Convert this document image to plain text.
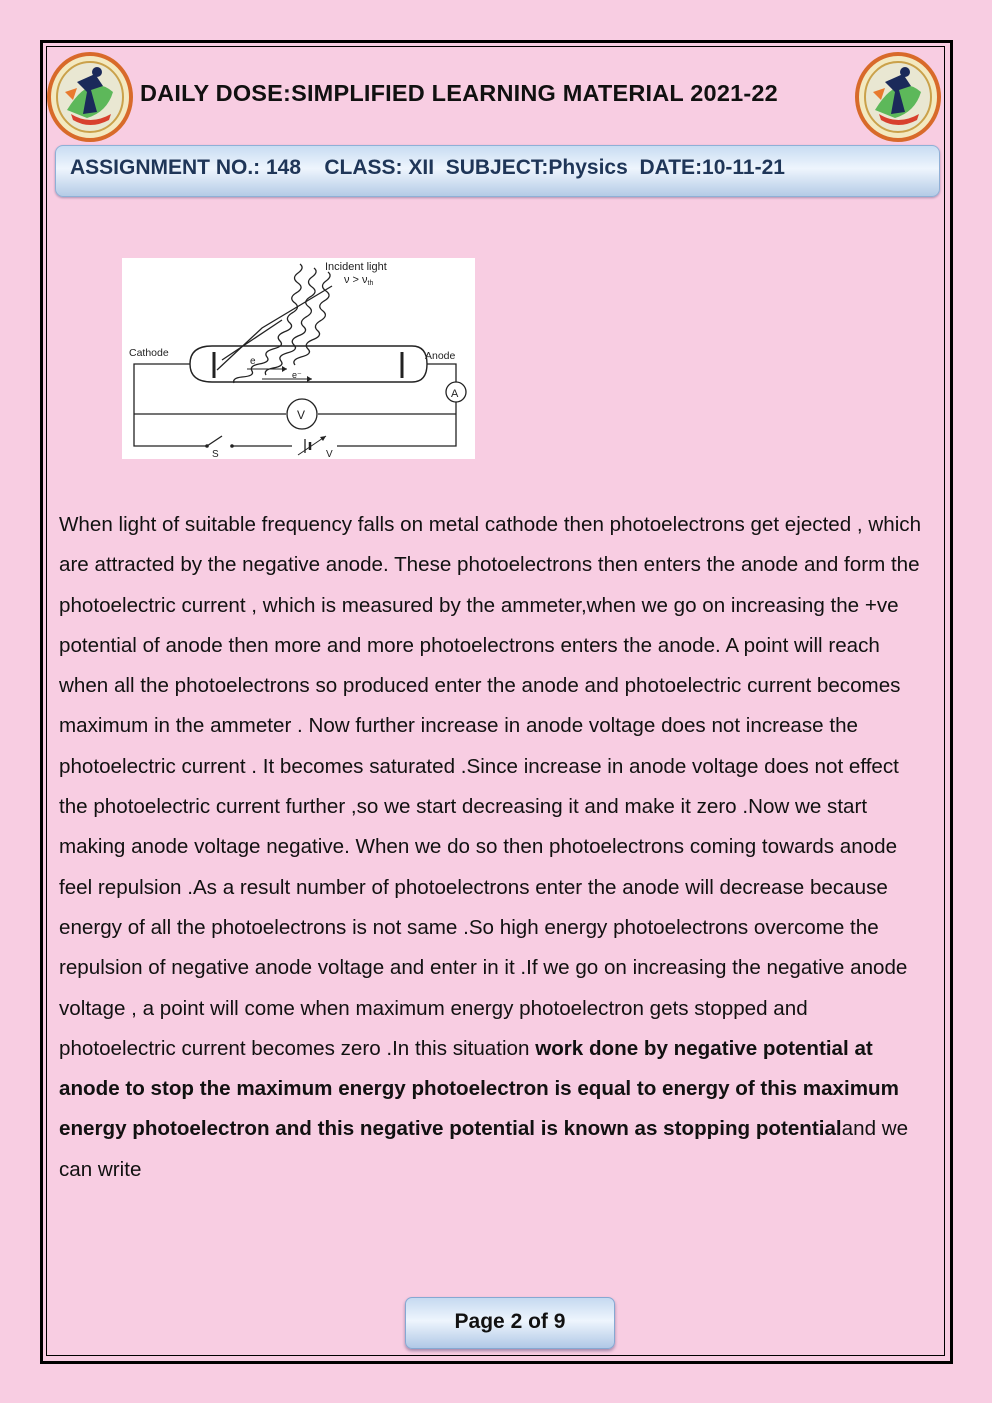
DAILY DOSE:SIMPLIFIED LEARNING MATERIAL 2021-22
ASSIGNMENT NO.: 148    CLASS: XII  SUBJECT:Physics  DATE:10-11-21
Incident light
ν > νth
Cathode	Anode
e
e⁻
S	V
V
A
When light of suitable frequency falls on metal cathode then photoelectrons get ejected , which are attracted by the negative anode. These photoelectrons then enters the anode and form the photoelectric current , which is measured by the ammeter,when we go on increasing the +ve potential of anode then more and more photoelectrons enters the anode. A point will reach when all the photoelectrons so produced enter the anode and photoelectric current becomes maximum in the ammeter . Now further increase in anode voltage does not increase the photoelectric current . It becomes saturated .Since increase in anode voltage does not effect the photoelectric current further ,so we start decreasing it and make it zero .Now we start making anode voltage negative. When we do so then photoelectrons coming towards anode feel repulsion .As a result number of photoelectrons enter the anode will decrease because energy of all the photoelectrons is not same .So high energy photoelectrons overcome the repulsion of negative anode voltage and enter in it .If we go on increasing the negative anode voltage , a point will come when maximum energy photoelectron gets stopped and photoelectric current becomes zero .In this situation work done by negative potential at anode to stop the maximum energy photoelectron is equal to energy of this maximum energy photoelectron and this negative potential is known as stopping potentialand we can write
Page 2 of 9
